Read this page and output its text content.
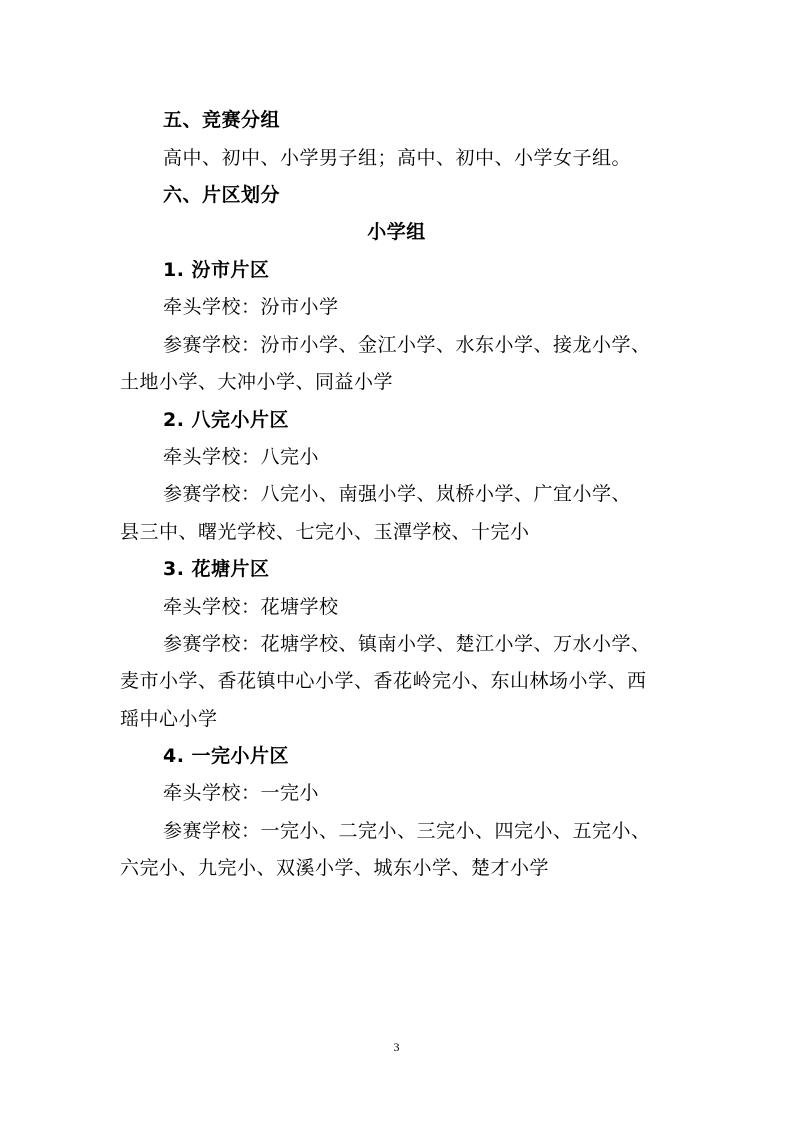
五、竞赛分组
高中、初中、小学男子组；高中、初中、小学女子组。
六、片区划分
小学组
1. 汾市片区
牵头学校：汾市小学
参赛学校：汾市小学、金江小学、水东小学、接龙小学、
土地小学、大冲小学、同益小学
2. 八完小片区
牵头学校：八完小
参赛学校：八完小、南强小学、岚桥小学、广宜小学、
县三中、曙光学校、七完小、玉潭学校、十完小
3. 花塘片区
牵头学校：花塘学校
参赛学校：花塘学校、镇南小学、楚江小学、万水小学、
麦市小学、香花镇中心小学、香花岭完小、东山林场小学、西
瑶中心小学
4. 一完小片区
牵头学校：一完小
参赛学校：一完小、二完小、三完小、四完小、五完小、
六完小、九完小、双溪小学、城东小学、楚才小学
3
